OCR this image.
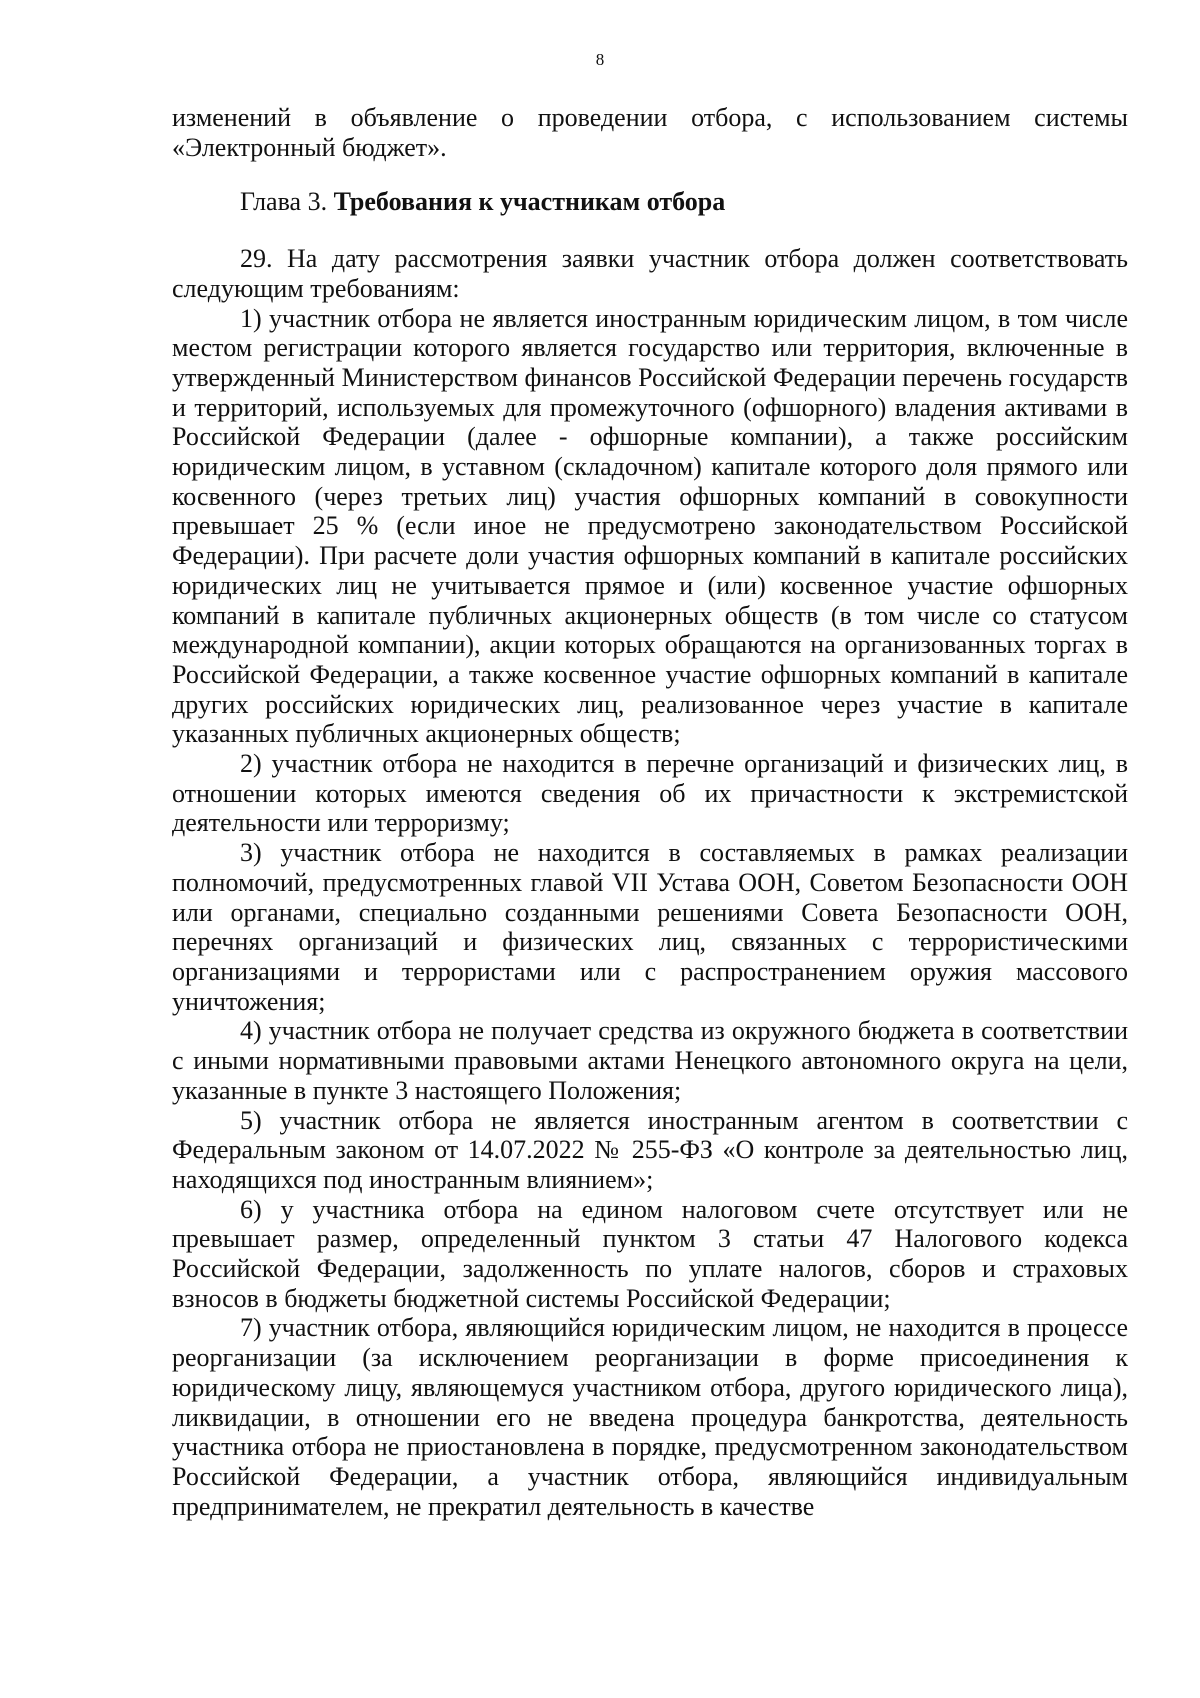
8

изменений в объявление о проведении отбора, с использованием системы «Электронный бюджет».

Глава 3. Требования к участникам отбора

29. На дату рассмотрения заявки участник отбора должен соответствовать следующим требованиям:

1) участник отбора не является иностранным юридическим лицом, в том числе местом регистрации которого является государство или территория, включенные в утвержденный Министерством финансов Российской Федерации перечень государств и территорий, используемых для промежуточного (офшорного) владения активами в Российской Федерации (далее - офшорные компании), а также российским юридическим лицом, в уставном (складочном) капитале которого доля прямого или косвенного (через третьих лиц) участия офшорных компаний в совокупности превышает 25 % (если иное не предусмотрено законодательством Российской Федерации). При расчете доли участия офшорных компаний в капитале российских юридических лиц не учитывается прямое и (или) косвенное участие офшорных компаний в капитале публичных акционерных обществ (в том числе со статусом международной компании), акции которых обращаются на организованных торгах в Российской Федерации, а также косвенное участие офшорных компаний в капитале других российских юридических лиц, реализованное через участие в капитале указанных публичных акционерных обществ;

2) участник отбора не находится в перечне организаций и физических лиц, в отношении которых имеются сведения об их причастности к экстремистской деятельности или терроризму;

3) участник отбора не находится в составляемых в рамках реализации полномочий, предусмотренных главой VII Устава ООН, Советом Безопасности ООН или органами, специально созданными решениями Совета Безопасности ООН, перечнях организаций и физических лиц, связанных с террористическими организациями и террористами или с распространением оружия массового уничтожения;

4) участник отбора не получает средства из окружного бюджета в соответствии с иными нормативными правовыми актами Ненецкого автономного округа на цели, указанные в пункте 3 настоящего Положения;

5) участник отбора не является иностранным агентом в соответствии с Федеральным законом от 14.07.2022 № 255-ФЗ «О контроле за деятельностью лиц, находящихся под иностранным влиянием»;

6) у участника отбора на едином налоговом счете отсутствует или не превышает размер, определенный пунктом 3 статьи 47 Налогового кодекса Российской Федерации, задолженность по уплате налогов, сборов и страховых взносов в бюджеты бюджетной системы Российской Федерации;

7) участник отбора, являющийся юридическим лицом, не находится в процессе реорганизации (за исключением реорганизации в форме присоединения к юридическому лицу, являющемуся участником отбора, другого юридического лица), ликвидации, в отношении его не введена процедура банкротства, деятельность участника отбора не приостановлена в порядке, предусмотренном законодательством Российской Федерации, а участник отбора, являющийся индивидуальным предпринимателем, не прекратил деятельность в качестве
